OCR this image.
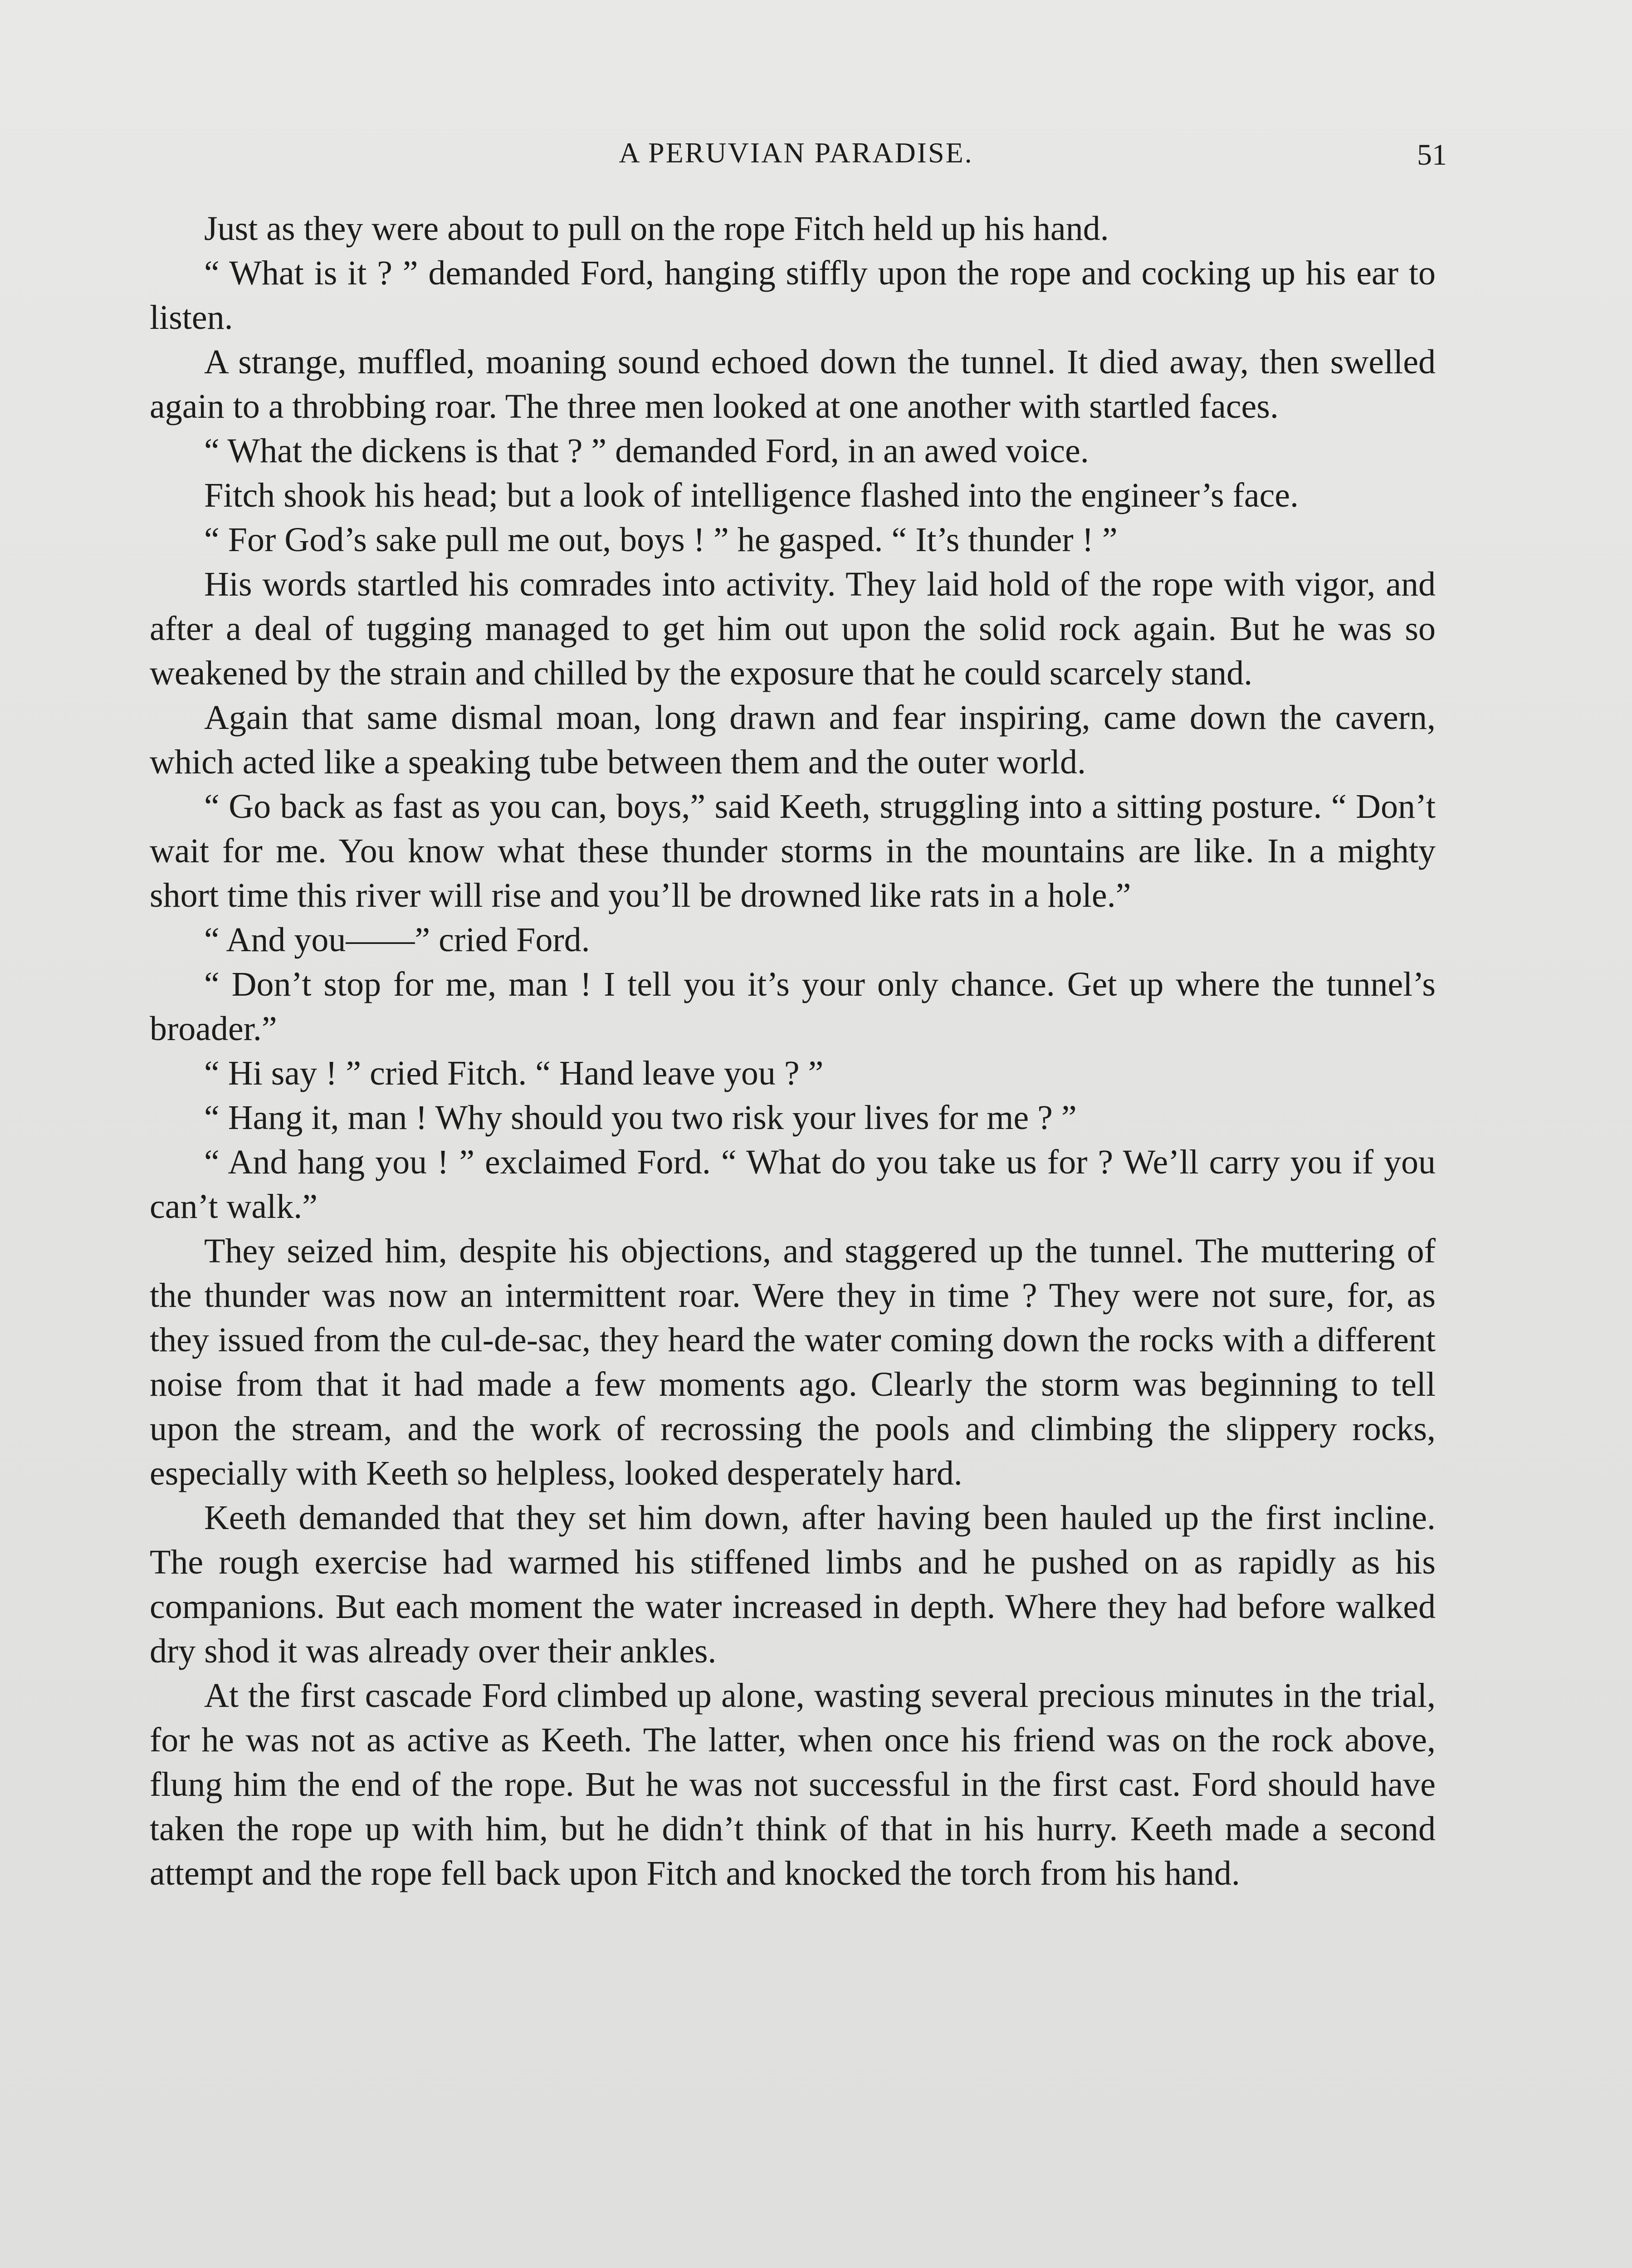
A PERUVIAN PARADISE.	51

Just as they were about to pull on the rope Fitch held up his hand.

“ What is it ? ” demanded Ford, hanging stiffly upon the rope and cocking up his ear to listen.

A strange, muffled, moaning sound echoed down the tunnel. It died away, then swelled again to a throbbing roar. The three men looked at one another with startled faces.

“ What the dickens is that ? ” demanded Ford, in an awed voice.

Fitch shook his head; but a look of intelligence flashed into the engineer’s face.

“ For God’s sake pull me out, boys ! ” he gasped. “ It’s thunder ! ”

His words startled his comrades into activity. They laid hold of the rope with vigor, and after a deal of tugging managed to get him out upon the solid rock again. But he was so weakened by the strain and chilled by the exposure that he could scarcely stand.

Again that same dismal moan, long drawn and fear inspiring, came down the cavern, which acted like a speaking tube between them and the outer world.

“ Go back as fast as you can, boys,” said Keeth, struggling into a sitting posture. “ Don’t wait for me. You know what these thunder storms in the mountains are like. In a mighty short time this river will rise and you’ll be drowned like rats in a hole.”

“ And you——” cried Ford.

“ Don’t stop for me, man ! I tell you it’s your only chance. Get up where the tunnel’s broader.”

“ Hi say ! ” cried Fitch. “ Hand leave you ? ”

“ Hang it, man ! Why should you two risk your lives for me ? ”

“ And hang you ! ” exclaimed Ford. “ What do you take us for ? We’ll carry you if you can’t walk.”

They seized him, despite his objections, and staggered up the tunnel. The muttering of the thunder was now an intermittent roar. Were they in time ? They were not sure, for, as they issued from the cul-de-sac, they heard the water coming down the rocks with a different noise from that it had made a few moments ago. Clearly the storm was beginning to tell upon the stream, and the work of recrossing the pools and climbing the slippery rocks, especially with Keeth so helpless, looked desperately hard.

Keeth demanded that they set him down, after having been hauled up the first incline. The rough exercise had warmed his stiffened limbs and he pushed on as rapidly as his companions. But each moment the water increased in depth. Where they had before walked dry shod it was already over their ankles.

At the first cascade Ford climbed up alone, wasting several precious minutes in the trial, for he was not as active as Keeth. The latter, when once his friend was on the rock above, flung him the end of the rope. But he was not successful in the first cast. Ford should have taken the rope up with him, but he didn’t think of that in his hurry. Keeth made a second attempt and the rope fell back upon Fitch and knocked the torch from his hand.
